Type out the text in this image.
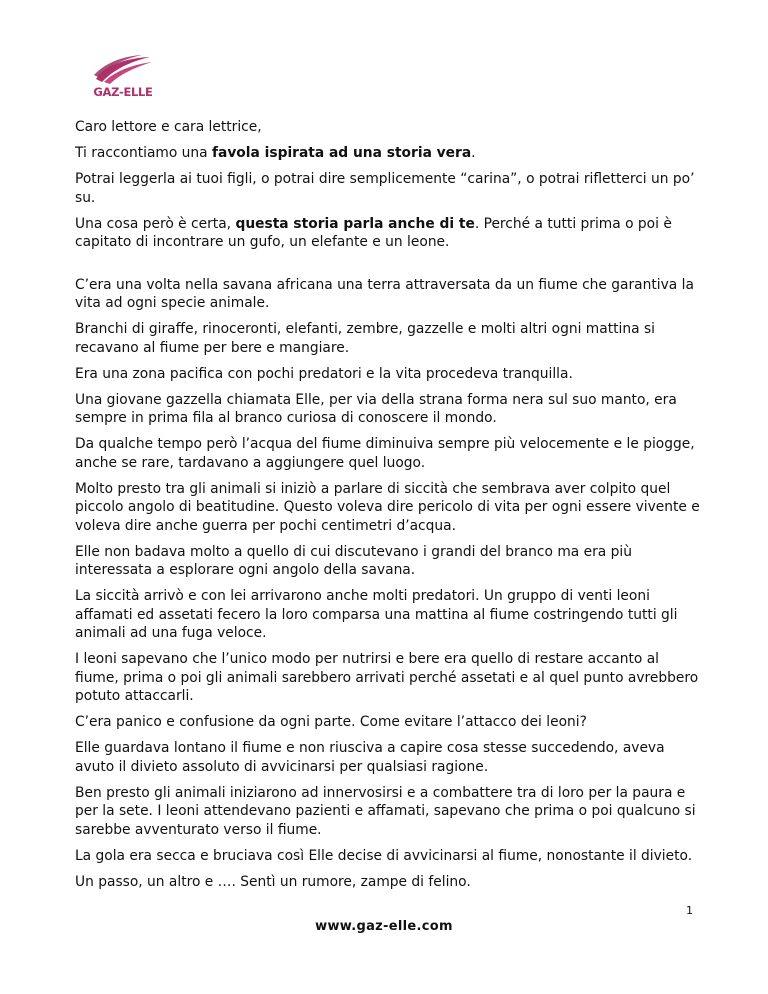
GAZ-ELLE

Caro lettore e cara lettrice,

Ti raccontiamo una favola ispirata ad una storia vera.

Potrai leggerla ai tuoi figli, o potrai dire semplicemente “carina”, o potrai rifletterci un po’ su.

Una cosa però è certa, questa storia parla anche di te. Perché a tutti prima o poi è capitato di incontrare un gufo, un elefante e un leone.

C’era una volta nella savana africana una terra attraversata da un fiume che garantiva la vita ad ogni specie animale.

Branchi di giraffe, rinoceronti, elefanti, zembre, gazzelle e molti altri ogni mattina si recavano al fiume per bere e mangiare.

Era una zona pacifica con pochi predatori e la vita procedeva tranquilla.

Una giovane gazzella chiamata Elle, per via della strana forma nera sul suo manto, era sempre in prima fila al branco curiosa di conoscere il mondo.

Da qualche tempo però l’acqua del fiume diminuiva sempre più velocemente e le piogge, anche se rare, tardavano a aggiungere quel luogo.

Molto presto tra gli animali si iniziò a parlare di siccità che sembrava aver colpito quel piccolo angolo di beatitudine. Questo voleva dire pericolo di vita per ogni essere vivente e voleva dire anche guerra per pochi centimetri d’acqua.

Elle non badava molto a quello di cui discutevano i grandi del branco ma era più interessata a esplorare ogni angolo della savana.

La siccità arrivò e con lei arrivarono anche molti predatori. Un gruppo di venti leoni affamati ed assetati fecero la loro comparsa una mattina al fiume costringendo tutti gli animali ad una fuga veloce.

I leoni sapevano che l’unico modo per nutrirsi e bere era quello di restare accanto al fiume, prima o poi gli animali sarebbero arrivati perché assetati e al quel punto avrebbero potuto attaccarli.

C’era panico e confusione da ogni parte. Come evitare l’attacco dei leoni?

Elle guardava lontano il fiume e non riusciva a capire cosa stesse succedendo, aveva avuto il divieto assoluto di avvicinarsi per qualsiasi ragione.

Ben presto gli animali iniziarono ad innervosirsi e a combattere tra di loro per la paura e per la sete. I leoni attendevano pazienti e affamati, sapevano che prima o poi qualcuno si sarebbe avventurato verso il fiume.

La gola era secca e bruciava così Elle decise di avvicinarsi al fiume, nonostante il divieto.

Un passo, un altro e …. Sentì un rumore, zampe di felino.

1
www.gaz-elle.com
